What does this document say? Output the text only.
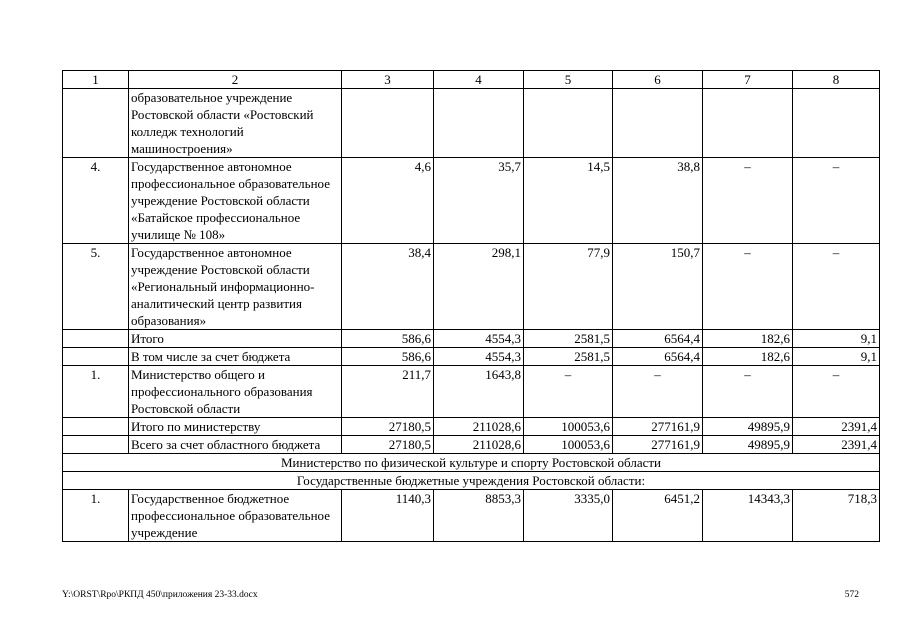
1	2	3	4	5	6	7	8
	образовательное учреждение Ростовской области «Ростовский колледж технологий машиностроения»						
4.	Государственное автономное профессиональное образовательное учреждение Ростовской области «Батайское профессиональное училище № 108»	4,6	35,7	14,5	38,8	–	–
5.	Государственное автономное учреждение Ростовской области «Региональный информационно-аналитический центр развития образования»	38,4	298,1	77,9	150,7	–	–
	Итого	586,6	4554,3	2581,5	6564,4	182,6	9,1
	В том числе за счет бюджета	586,6	4554,3	2581,5	6564,4	182,6	9,1
1.	Министерство общего и профессионального образования Ростовской области	211,7	1643,8	–	–	–	–
	Итого по министерству	27180,5	211028,6	100053,6	277161,9	49895,9	2391,4
	Всего за счет областного бюджета	27180,5	211028,6	100053,6	277161,9	49895,9	2391,4
Министерство по физической культуре и спорту Ростовской области							
Государственные бюджетные учреждения Ростовской области:							
1.	Государственное бюджетное профессиональное образовательное учреждение	1140,3	8853,3	3335,0	6451,2	14343,3	718,3
Y:\ORST\Rpo\РКПД 450\приложения 23-33.docx	572
